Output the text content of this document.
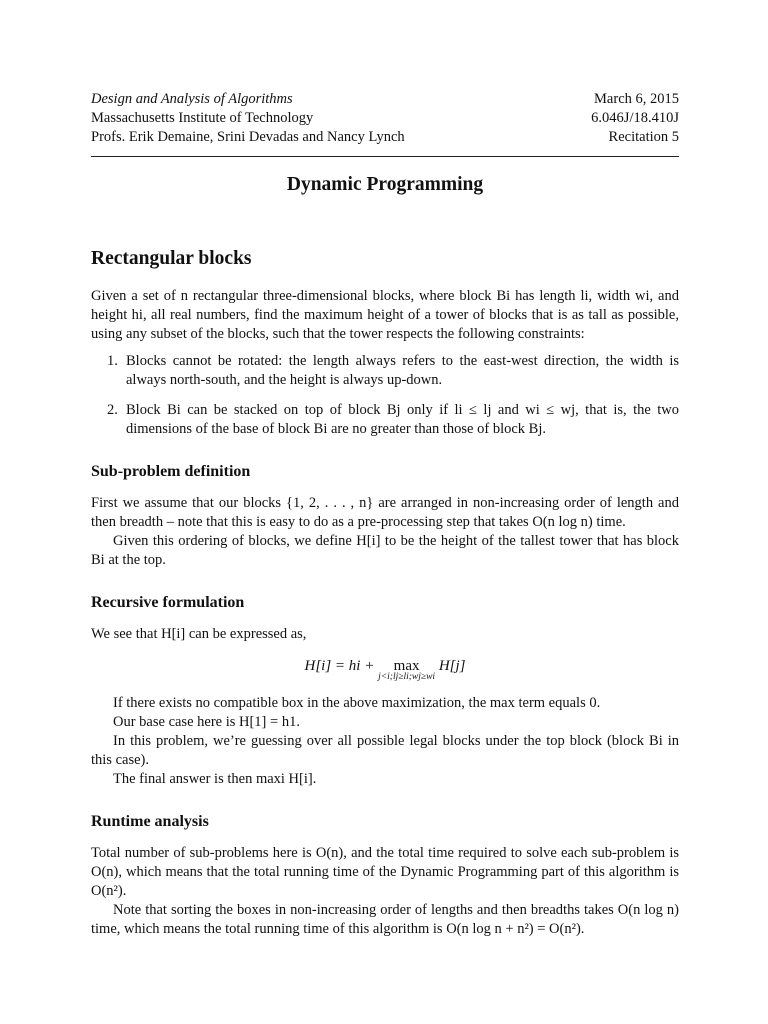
Design and Analysis of Algorithms	March 6, 2015
Massachusetts Institute of Technology	6.046J/18.410J
Profs. Erik Demaine, Srini Devadas and Nancy Lynch	Recitation 5
Dynamic Programming
Rectangular blocks
Given a set of n rectangular three-dimensional blocks, where block Bi has length li, width wi, and height hi, all real numbers, find the maximum height of a tower of blocks that is as tall as possible, using any subset of the blocks, such that the tower respects the following constraints:
1. Blocks cannot be rotated: the length always refers to the east-west direction, the width is always north-south, and the height is always up-down.
2. Block Bi can be stacked on top of block Bj only if li ≤ lj and wi ≤ wj, that is, the two dimensions of the base of block Bi are no greater than those of block Bj.
Sub-problem definition
First we assume that our blocks {1, 2, . . . , n} are arranged in non-increasing order of length and then breadth – note that this is easy to do as a pre-processing step that takes O(n log n) time.
Given this ordering of blocks, we define H[i] to be the height of the tallest tower that has block Bi at the top.
Recursive formulation
We see that H[i] can be expressed as,
H[i] = hi +	max
j<i;lj≥li;wj≥wi
H[j]
If there exists no compatible box in the above maximization, the max term equals 0.
Our base case here is H[1] = h1.
In this problem, we’re guessing over all possible legal blocks under the top block (block Bi in this case).
The final answer is then maxi H[i].
Runtime analysis
Total number of sub-problems here is O(n), and the total time required to solve each sub-problem is O(n), which means that the total running time of the Dynamic Programming part of this algorithm is O(n²).
Note that sorting the boxes in non-increasing order of lengths and then breadths takes O(n log n) time, which means the total running time of this algorithm is O(n log n + n²) = O(n²).
